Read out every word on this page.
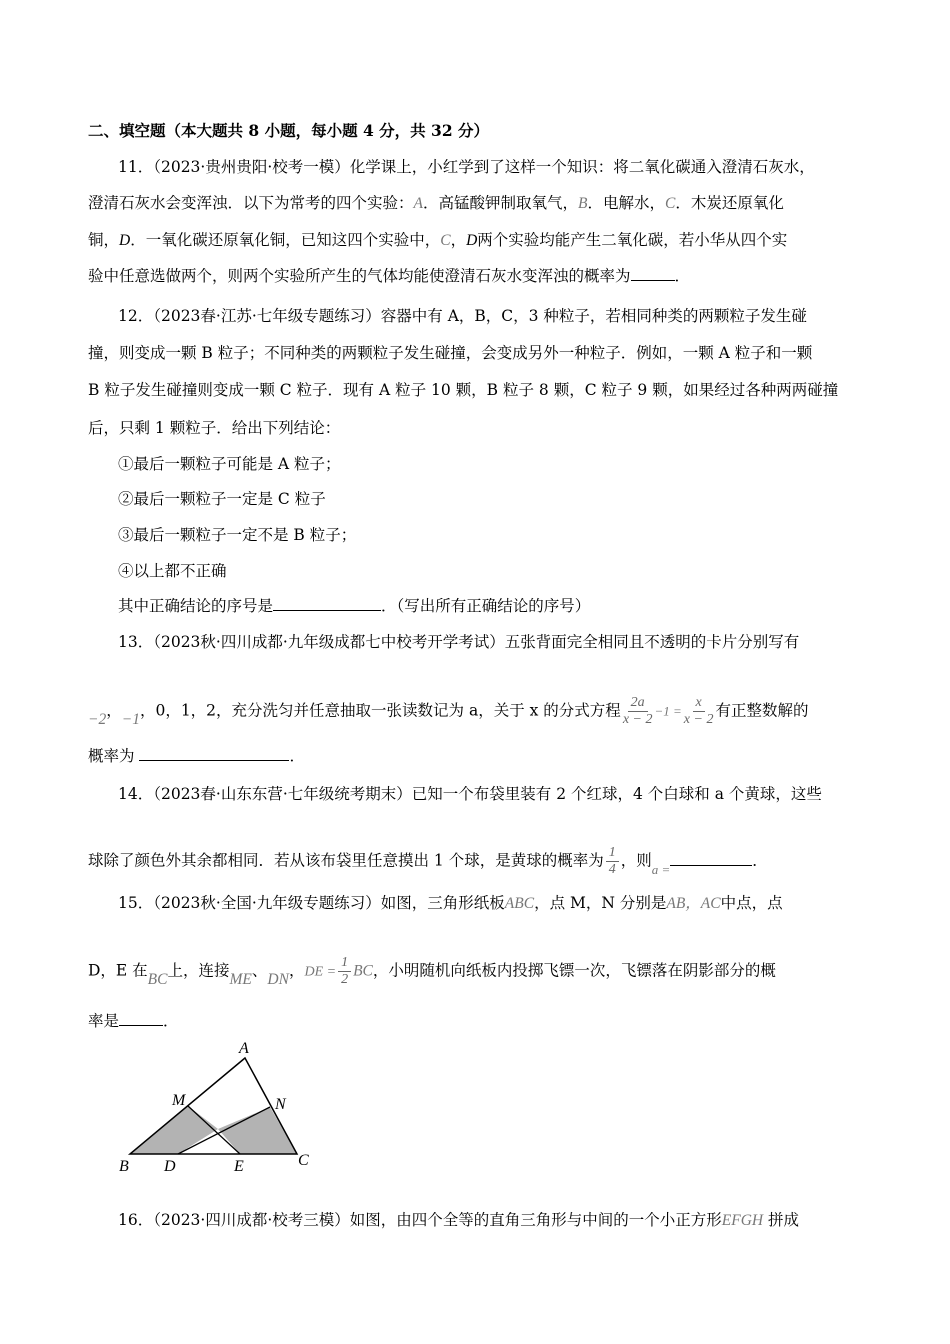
二、填空题（本大题共 8 小题，每小题 4 分，共 32 分）
11．（2023·贵州贵阳·校考一模）化学课上，小红学到了这样一个知识：将二氧化碳通入澄清石灰水，
澄清石灰水会变浑浊．以下为常考的四个实验：A．高锰酸钾制取氧气，B．电解水，C．木炭还原氧化
铜，D．一氧化碳还原氧化铜，已知这四个实验中，C，D两个实验均能产生二氧化碳，若小华从四个实
验中任意选做两个，则两个实验所产生的气体均能使澄清石灰水变浑浊的概率为	．
12．（2023春·江苏·七年级专题练习）容器中有 A，B，C，3 种粒子，若相同种类的两颗粒子发生碰
撞，则变成一颗 B 粒子；不同种类的两颗粒子发生碰撞，会变成另外一种粒子．例如，一颗 A 粒子和一颗
B 粒子发生碰撞则变成一颗 C 粒子．现有 A 粒子 10 颗，B 粒子 8 颗，C 粒子 9 颗，如果经过各种两两碰撞
后，只剩 1 颗粒子．给出下列结论：
①最后一颗粒子可能是 A 粒子；
②最后一颗粒子一定是 C 粒子
③最后一颗粒子一定不是 B 粒子；
④以上都不正确
其中正确结论的序号是	．（写出所有正确结论的序号）
13．（2023秋·四川成都·九年级成都七中校考开学考试）五张背面完全相同且不透明的卡片分别写有
−2，−1，0，1，2，充分洗匀并任意抽取一张读数记为 a，关于 x 的分式方程 $\frac{2a}{x - 2} -1 = \frac{x}{x - 2}$ 有正整数解的
概率为	．
14．（2023春·山东东营·七年级统考期末）已知一个布袋里装有 2 个红球，4 个白球和 a 个黄球，这些
球除了颜色外其余都相同．若从该布袋里任意摸出 1 个球，是黄球的概率为 $\frac{1}{4}$ ，则$_{a =}$	．
15．（2023秋·全国·九年级专题练习）如图，三角形纸板ABC，点 M，N 分别是AB，AC中点，点
D，E 在BC上，连接ME、DN，DE = $\frac{1}{2}$ BC，小明随机向纸板内投掷飞镖一次，飞镖落在阴影部分的概
率是	．
A
M	N
B D	E	C
16．（2023·四川成都·校考三模）如图，由四个全等的直角三角形与中间的一个小正方形EFGH 拼成
